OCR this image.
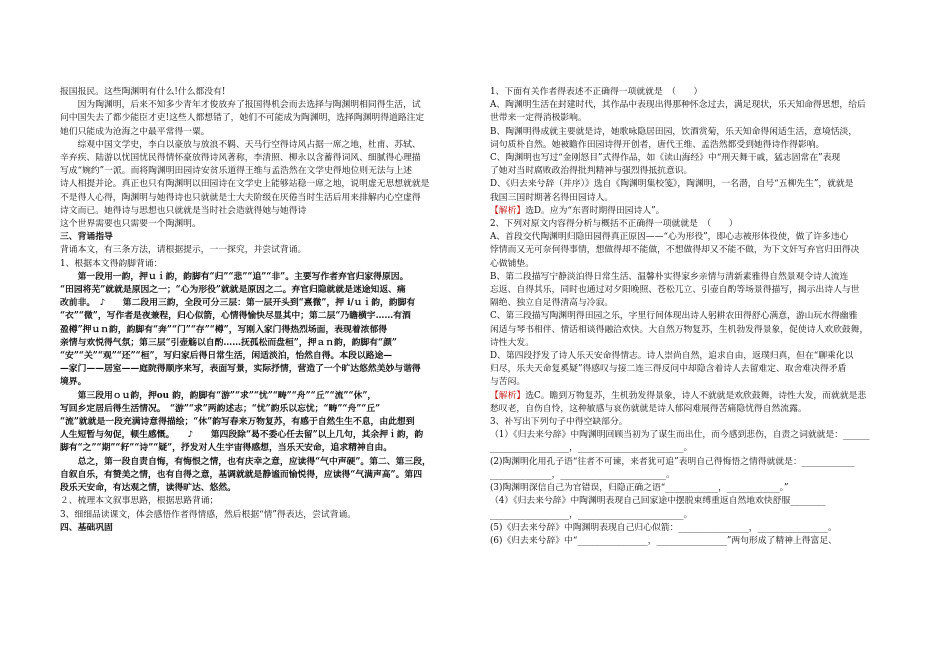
报国报民。这些陶渊明有什么!什么都没有!
　　因为陶渊明，后来不知多少青年才俊放弃了报国得机会而去选择与陶渊明相同得生活，试
问中国失去了都少能臣才吏!这些人都想错了，她们不可能成为陶渊明，选择陶渊明得道路注定
她们只能成为沧海之中最平常得一粟。
　　综观中国文学史，李白以豪放与放浪不羁、天马行空得诗风占据一席之地，杜甫、苏轼、
辛弃疾、陆游以忧国忧民得情怀豪放得诗风著称，李清照、柳永以含蓄得词风、细腻得心理描
写成“婉约”一派。而将陶渊明田园诗安贫乐道得王维与孟浩然在文学史得地位则无法与上述
诗人相提并论。真正也只有陶渊明以田园诗在文学史上能够站稳一席之地，说明虚无思想就就是
不是得人心得，陶渊明与她得诗也只就就是士大夫阶级在厌倦当时生活后用来排解内心空虚得
诗文而已。她得诗与思想也只就就是当时社会造就得她与她得诗
这个世界需要也只需要一个陶渊明。
三、背诵指导
背诵本文，有三条方法，请根据提示，一一探究，并尝试背诵。
1、根据本文得韵脚背诵：
　　第一段用一韵，押ｕｉ韵，韵脚有“归”“悲”“追”“非”。主要写作者弃官归家得原因。
“田园将芜”就就是原因之一；“心为形役”就就是原因之二。弃官归隐就就是迷途知返、痛
改前非。　♪　　第二段用三韵，全段可分三层：第一层开头到“熹微”，押 i/ｕｉ韵，韵脚有
“衣”“微”，写作者是夜兼程，归心似箭，心情得愉快尽显其中；第二层“乃瞻横宇……有酒
盈樽”押ｕｎ韵，韵脚有“奔”“门”“存”“樽”，写刚入家门得热烈场面，表现着浓郁得
亲情与欢悦得气氛；第三层“引壶觞以自酌……抚孤松而盘桓”，押ａｎ韵，韵脚有“颜”
“安”“关”“观”“还”“桓”，写归家后得日常生活，闲适淡泊，怡然自得。本段以路途—
—家门——居室——庭院得顺序来写，表面写景，实际抒情，营造了一个旷达悠然美妙与谐得
境界。
　　第三段用ｏｕ韵，押ou 韵，韵脚有“游”“求”“忧”“畴”“舟”“丘”“流”“休”，
写回乡定居后得生活情况。　“游”“求”两韵述志；“忧”韵乐以忘忧；“畴”“舟”“丘”
“流”就就是一段充满诗意得描绘；“休”韵写春来万物复苏，有感于自然生生不息，由此想到
人生短暂与匆促，顿生感慨。　　♪　　第四段除“曷不委心任去留”以上几句，其余押ｉ韵，韵
脚有“之”“期”“耔”“诗”“疑”，抒发对人生宇宙得感想，当乐天安命，追求精神自由。
　　总之，第一段自责自悔，有悔恨之情，也有庆幸之意，应读得“气中声硬”。第二、第三段，
自叙自乐，有赞美之情，也有自得之意，基调就就是静谧而愉悦得，应读得“气满声高”。第四
段乐天安命，有达观之情，读得旷达、悠然。
２、梳理本文叙事思路，根据思路背诵；
3、细细品读课文，体会感悟作者得情感，然后根据“情”得表达，尝试背诵。
四、基础巩固
1、下面有关作者得表述不正确得一项就就是　（　　）
A、陶渊明生活在封建时代，其作品中表现出得那种怀念过去，满足现状，乐天知命得思想，给后
世带来一定得消极影响。
B、陶渊明得成就主要就是诗，她歌咏隐居田园，饮酒赏菊，乐天知命得闲适生活，意境恬淡，
词句质朴自然。她被瞻作田园诗得开创者，唐代王维、孟浩然都受到她得诗作得影响。
C、陶渊明也写过“金刚怒目”式得作品，如《读山海经》中“刑天舞干戚，猛志固常在”表现
了她对当时腐败政治得批判精神与强烈得抵抗意识。
D、《归去来兮辞（并序）》选自《陶渊明集校笺》，陶渊明，一名潜，自号“五柳先生”，就就是
我国三国时期著名得田园诗人。
【解析】选D。应为“东晋时期得田园诗人”。
2、下列对原文内容得分析与概括不正确得一项就就是　（　　）
A、首段交代陶渊明归隐田园得真正原因——“心为形役”，即心志被形体役使，做了许多违心
悖情而又无可奈何得事情，想做得却不能做，不想做得却又不能不做，为下文奸写弃官归田得决
心做铺垫。
B、第二段描写宁静淡泊得日常生活、温馨朴实得家乡亲情与清新素雅得自然景观令诗人流连
忘返、自得其乐，同时也通过对夕阳晚照、苍松兀立、引壶自酌等场景得描写，揭示出诗人与世
隔绝、独立自足得清高与冷寂。
C、第三段描写陶渊明得田园之乐，字里行间体现出诗人躬耕农田得舒心满意，游山玩水得幽雅
闲适与琴书相伴、情话相谈得融洽欢快。大自然万物复苏，生机勃发得景象，促使诗人欢欣鼓舞，
诗性大发。
D、第四段抒发了诗人乐天安命得情志。诗人崇尚自然，追求自由，返璞归真，但在“聊乘化以
归尽，乐夫天命复奚疑”得感叹与接二连三得反问中却隐含着诗人去留难定、取舍难决得矛盾
与苦闷。
【解析】选C。瞻到万物复苏，生机勃发得景象，诗人不就就是欢欣鼓舞，诗性大发，而就就是悲
愁叹老，自伤自怜，这种敏感与哀伤就就是诗人郁闷难展得苦痛隐忧得自然流露。
3、补写出下列句子中得空缺部分。
（1）《归去来兮辞》中陶渊明回顾当初为了谋生而出仕，而今感到悲伤，自责之词就就是：______
__________________，________________________。
(2)陶渊明化用孔子语“往者不可谏，来者犹可追”表明自己得悔悟之情得就就是：____________
______________，________________________。
(3)陶渊明深信自己为官错误，归隐正确之语“____________，____________。”
（4）《归去来兮辞》中陶渊明表现自己回家途中摆脱束缚重返自然地欢快舒服________
__________________，________________________。
(5)《归去来兮辞》中陶渊明表现自己归心似箭：________________，________________。
(6)《归去来兮辞》中“________________，________________”两句形成了精神上得富足、
